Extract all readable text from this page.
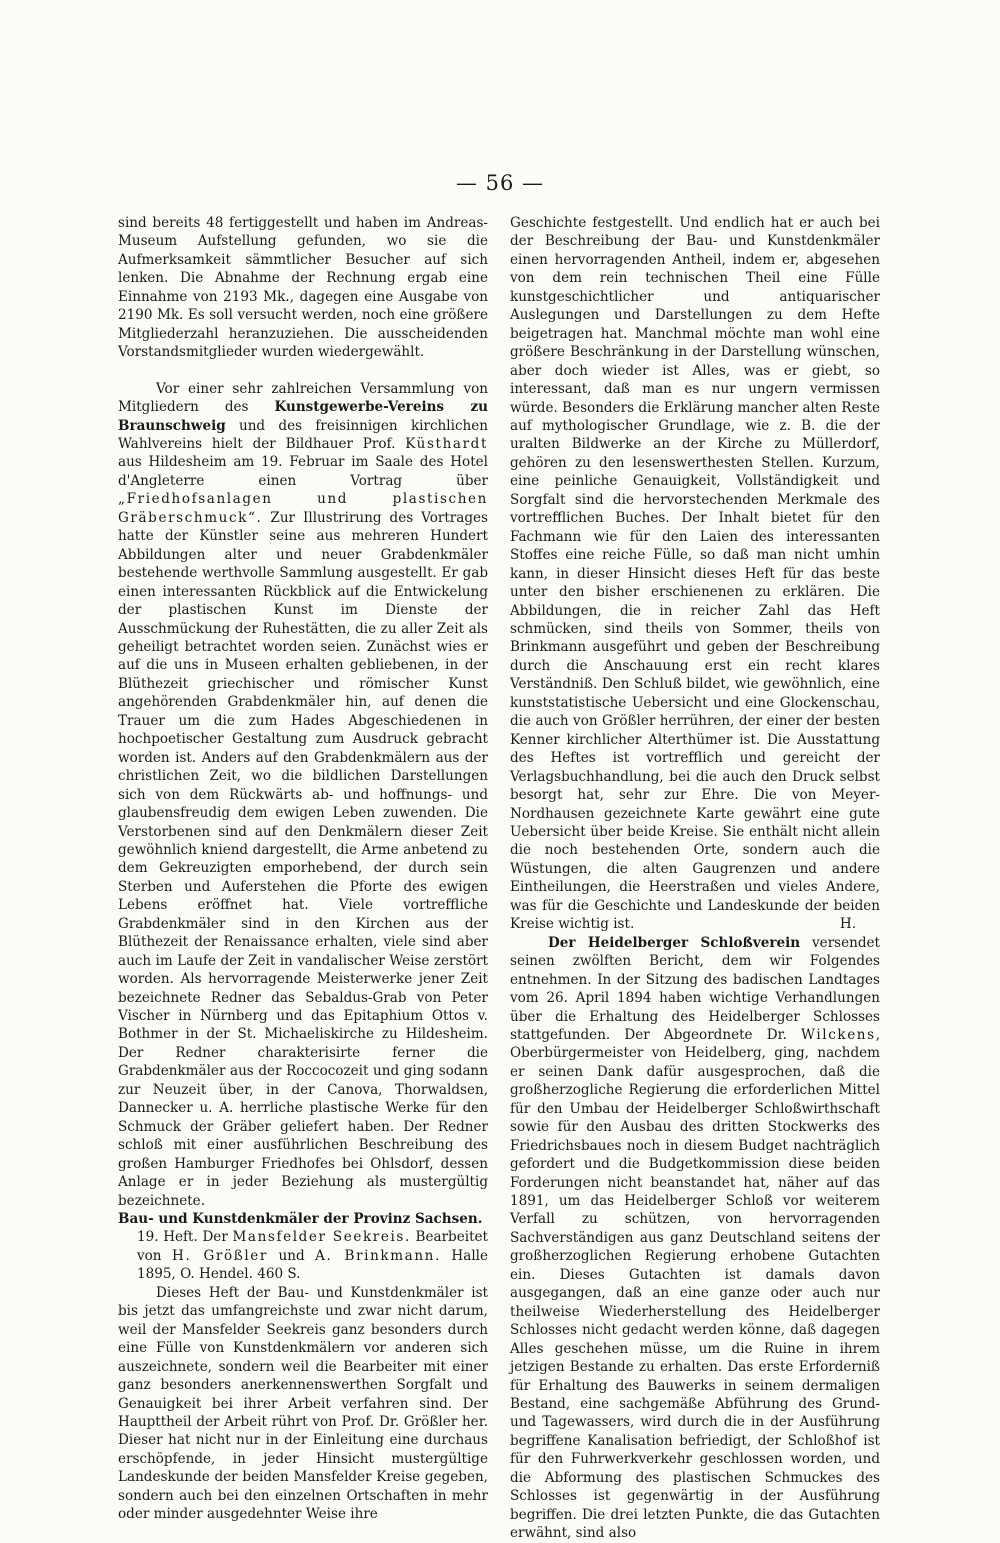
— 56 —

sind bereits 48 fertiggestellt und haben im Andreas-Museum Aufstellung gefunden, wo sie die Aufmerksamkeit sämmtlicher Besucher auf sich lenken. Die Abnahme der Rechnung ergab eine Einnahme von 2193 Mk., dagegen eine Ausgabe von 2190 Mk. Es soll versucht werden, noch eine größere Mitgliederzahl heranzuziehen. Die ausscheidenden Vorstandsmitglieder wurden wiedergewählt.

Vor einer sehr zahlreichen Versammlung von Mitgliedern des Kunstgewerbe-Vereins zu Braunschweig und des freisinnigen kirchlichen Wahlvereins hielt der Bildhauer Prof. Küsthardt aus Hildesheim am 19. Februar im Saale des Hotel d'Angleterre einen Vortrag über „Friedhofsanlagen und plastischen Gräberschmuck“. Zur Illustrirung des Vortrages hatte der Künstler seine aus mehreren Hundert Abbildungen alter und neuer Grabdenkmäler bestehende werthvolle Sammlung ausgestellt. Er gab einen interessanten Rückblick auf die Entwickelung der plastischen Kunst im Dienste der Ausschmückung der Ruhestätten, die zu aller Zeit als geheiligt betrachtet worden seien. Zunächst wies er auf die uns in Museen erhalten gebliebenen, in der Blüthezeit griechischer und römischer Kunst angehörenden Grabdenkmäler hin, auf denen die Trauer um die zum Hades Abgeschiedenen in hochpoetischer Gestaltung zum Ausdruck gebracht worden ist. Anders auf den Grabdenkmälern aus der christlichen Zeit, wo die bildlichen Darstellungen sich von dem Rückwärts ab- und hoffnungs- und glaubensfreudig dem ewigen Leben zuwenden. Die Verstorbenen sind auf den Denkmälern dieser Zeit gewöhnlich kniend dargestellt, die Arme anbetend zu dem Gekreuzigten emporhebend, der durch sein Sterben und Auferstehen die Pforte des ewigen Lebens eröffnet hat. Viele vortreffliche Grabdenkmäler sind in den Kirchen aus der Blüthezeit der Renaissance erhalten, viele sind aber auch im Laufe der Zeit in vandalischer Weise zerstört worden. Als hervorragende Meisterwerke jener Zeit bezeichnete Redner das Sebaldus-Grab von Peter Vischer in Nürnberg und das Epitaphium Ottos v. Bothmer in der St. Michaeliskirche zu Hildesheim. Der Redner charakterisirte ferner die Grabdenkmäler aus der Roccocozeit und ging sodann zur Neuzeit über, in der Canova, Thorwaldsen, Dannecker u. A. herrliche plastische Werke für den Schmuck der Gräber geliefert haben. Der Redner schloß mit einer ausführlichen Beschreibung des großen Hamburger Friedhofes bei Ohlsdorf, dessen Anlage er in jeder Beziehung als mustergültig bezeichnete.

Bau- und Kunstdenkmäler der Provinz Sachsen.
19. Heft. Der Mansfelder Seekreis. Bearbeitet von H. Größler und A. Brinkmann. Halle 1895, O. Hendel. 460 S.

Dieses Heft der Bau- und Kunstdenkmäler ist bis jetzt das umfangreichste und zwar nicht darum, weil der Mansfelder Seekreis ganz besonders durch eine Fülle von Kunstdenkmälern vor anderen sich auszeichnete, sondern weil die Bearbeiter mit einer ganz besonders anerkennenswerthen Sorgfalt und Genauigkeit bei ihrer Arbeit verfahren sind. Der Haupttheil der Arbeit rührt von Prof. Dr. Größler her. Dieser hat nicht nur in der Einleitung eine durchaus erschöpfende, in jeder Hinsicht mustergültige Landeskunde der beiden Mansfelder Kreise gegeben, sondern auch bei den einzelnen Ortschaften in mehr oder minder ausgedehnter Weise ihre

Geschichte festgestellt. Und endlich hat er auch bei der Beschreibung der Bau- und Kunstdenkmäler einen hervorragenden Antheil, indem er, abgesehen von dem rein technischen Theil eine Fülle kunstgeschichtlicher und antiquarischer Auslegungen und Darstellungen zu dem Hefte beigetragen hat. Manchmal möchte man wohl eine größere Beschränkung in der Darstellung wünschen, aber doch wieder ist Alles, was er giebt, so interessant, daß man es nur ungern vermissen würde. Besonders die Erklärung mancher alten Reste auf mythologischer Grundlage, wie z. B. die der uralten Bildwerke an der Kirche zu Müllerdorf, gehören zu den lesenswerthesten Stellen. Kurzum, eine peinliche Genauigkeit, Vollständigkeit und Sorgfalt sind die hervorstechenden Merkmale des vortrefflichen Buches. Der Inhalt bietet für den Fachmann wie für den Laien des interessanten Stoffes eine reiche Fülle, so daß man nicht umhin kann, in dieser Hinsicht dieses Heft für das beste unter den bisher erschienenen zu erklären. Die Abbildungen, die in reicher Zahl das Heft schmücken, sind theils von Sommer, theils von Brinkmann ausgeführt und geben der Beschreibung durch die Anschauung erst ein recht klares Verständniß. Den Schluß bildet, wie gewöhnlich, eine kunststatistische Uebersicht und eine Glockenschau, die auch von Größler herrühren, der einer der besten Kenner kirchlicher Alterthümer ist. Die Ausstattung des Heftes ist vortrefflich und gereicht der Verlagsbuchhandlung, bei die auch den Druck selbst besorgt hat, sehr zur Ehre. Die von Meyer-Nordhausen gezeichnete Karte gewährt eine gute Uebersicht über beide Kreise. Sie enthält nicht allein die noch bestehenden Orte, sondern auch die Wüstungen, die alten Gaugrenzen und andere Eintheilungen, die Heerstraßen und vieles Andere, was für die Geschichte und Landeskunde der beiden Kreise wichtig ist.	H.

Der Heidelberger Schloßverein versendet seinen zwölften Bericht, dem wir Folgendes entnehmen. In der Sitzung des badischen Landtages vom 26. April 1894 haben wichtige Verhandlungen über die Erhaltung des Heidelberger Schlosses stattgefunden. Der Abgeordnete Dr. Wilckens, Oberbürgermeister von Heidelberg, ging, nachdem er seinen Dank dafür ausgesprochen, daß die großherzogliche Regierung die erforderlichen Mittel für den Umbau der Heidelberger Schloßwirthschaft sowie für den Ausbau des dritten Stockwerks des Friedrichsbaues noch in diesem Budget nachträglich gefordert und die Budgetkommission diese beiden Forderungen nicht beanstandet hat, näher auf das 1891, um das Heidelberger Schloß vor weiterem Verfall zu schützen, von hervorragenden Sachverständigen aus ganz Deutschland seitens der großherzoglichen Regierung erhobene Gutachten ein. Dieses Gutachten ist damals davon ausgegangen, daß an eine ganze oder auch nur theilweise Wiederherstellung des Heidelberger Schlosses nicht gedacht werden könne, daß dagegen Alles geschehen müsse, um die Ruine in ihrem jetzigen Bestande zu erhalten. Das erste Erforderniß für Erhaltung des Bauwerks in seinem dermaligen Bestand, eine sachgemäße Abführung des Grund- und Tagewassers, wird durch die in der Ausführung begriffene Kanalisation befriedigt, der Schloßhof ist für den Fuhrwerkverkehr geschlossen worden, und die Abformung des plastischen Schmuckes des Schlosses ist gegenwärtig in der Ausführung begriffen. Die drei letzten Punkte, die das Gutachten erwähnt, sind also
